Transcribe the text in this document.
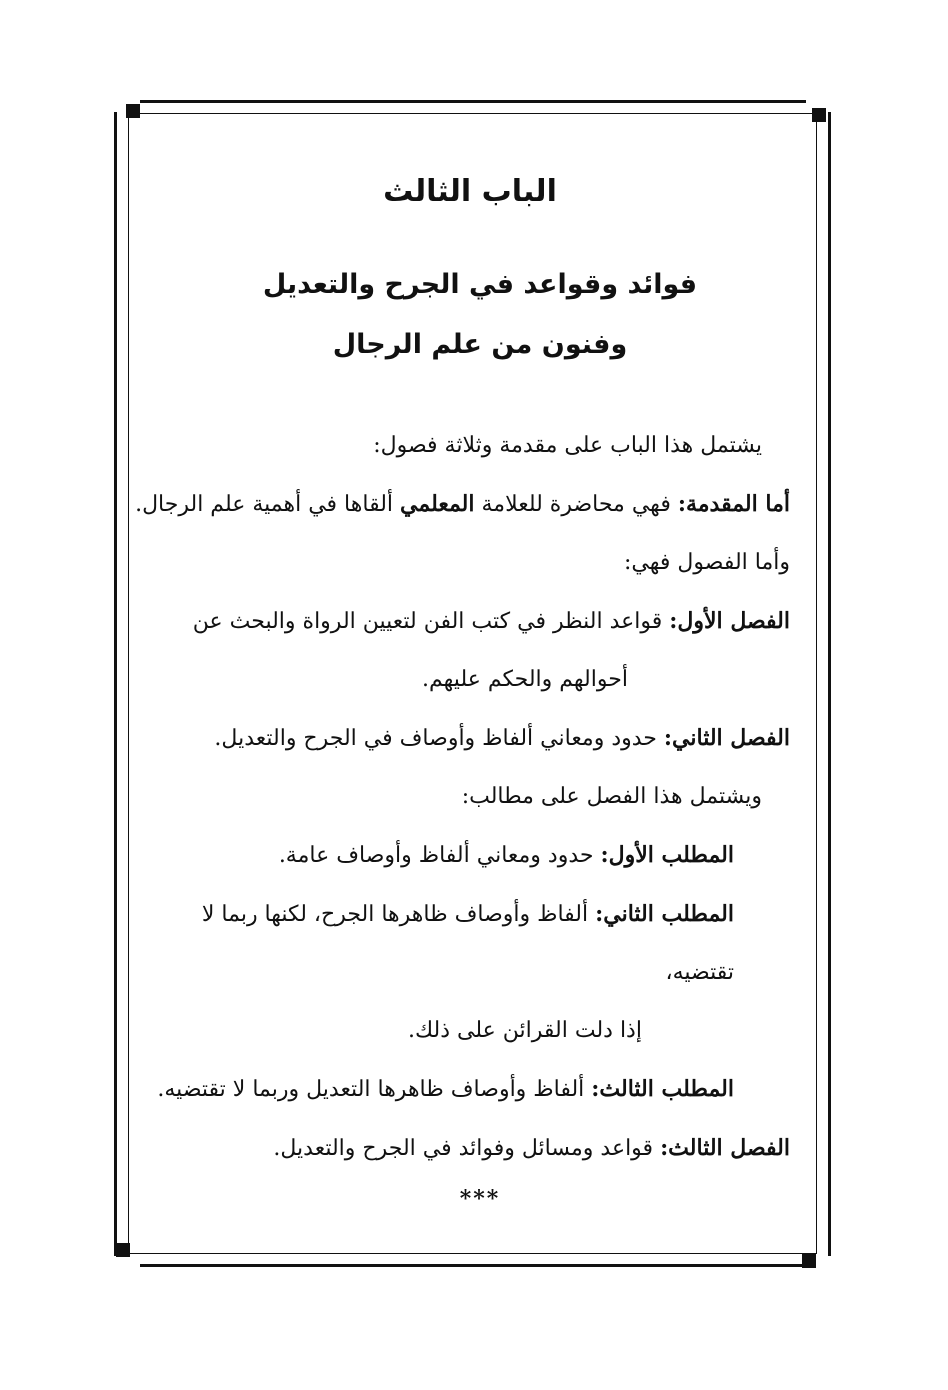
الباب الثالث
فوائد وقواعد في الجرح والتعديل
وفنون من علم الرجال

يشتمل هذا الباب على مقدمة وثلاثة فصول:

أما المقدمة: فهي محاضرة للعلامة المعلمي ألقاها في أهمية علم الرجال.

وأما الفصول فهي:

الفصل الأول: قواعد النظر في كتب الفن لتعيين الرواة والبحث عن

أحوالهم والحكم عليهم.

الفصل الثاني: حدود ومعاني ألفاظ وأوصاف في الجرح والتعديل.

ويشتمل هذا الفصل على مطالب:

المطلب الأول: حدود ومعاني ألفاظ وأوصاف عامة.

المطلب الثاني: ألفاظ وأوصاف ظاهرها الجرح، لكنها ربما لا تقتضيه،

إذا دلت القرائن على ذلك.

المطلب الثالث: ألفاظ وأوصاف ظاهرها التعديل وربما لا تقتضيه.

الفصل الثالث: قواعد ومسائل وفوائد في الجرح والتعديل.

***
